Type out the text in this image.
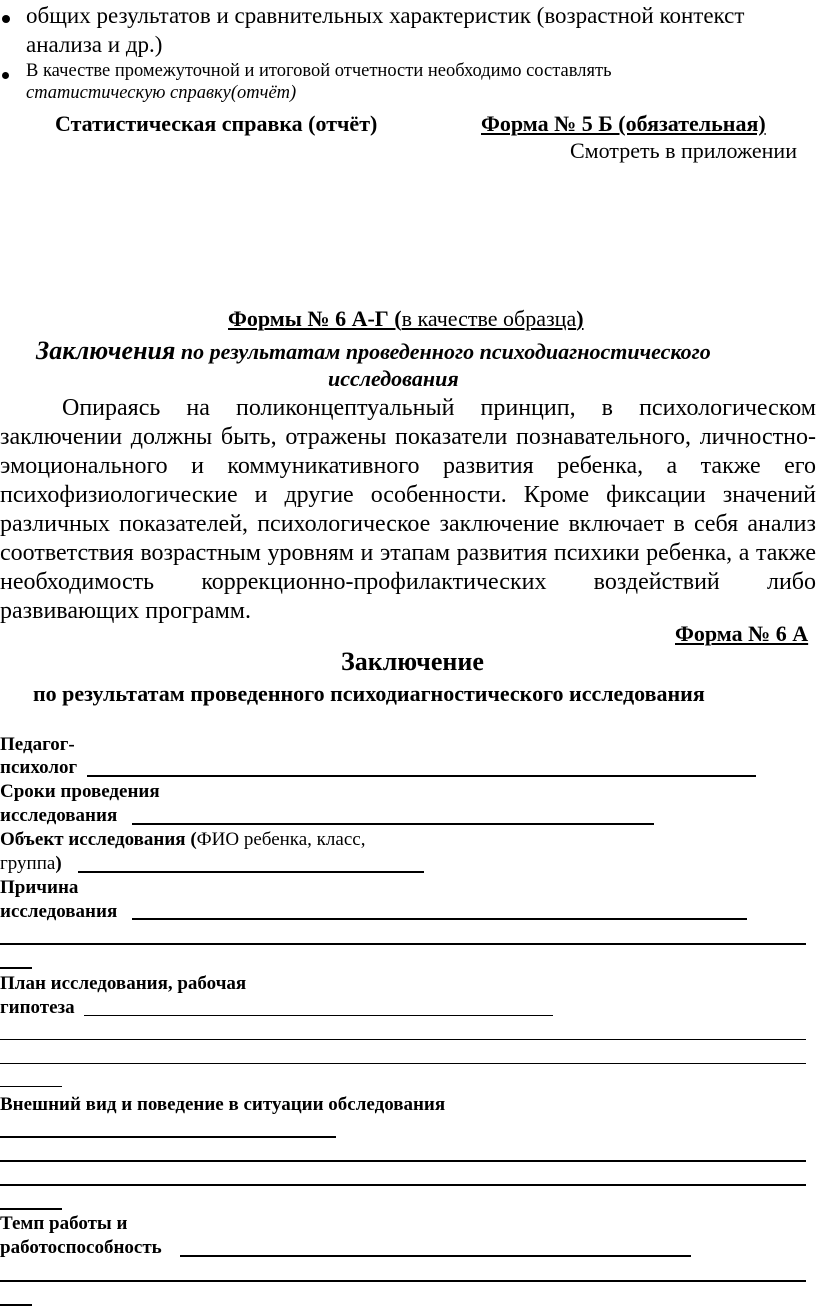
общих результатов и сравнительных характеристик (возрастной контекст
анализа и др.)
В качестве промежуточной и итоговой отчетности необходимо составлять
статистическую справку(отчёт)
Статистическая справка (отчёт)	Форма № 5 Б (обязательная)
Смотреть в приложении
Формы № 6 А-Г (в качестве образца)
Заключения по результатам проведенного психодиагностического
исследования
Опираясь на поликонцептуальный принцип, в психологическом
заключении должны быть, отражены показатели познавательного, личностно-
эмоционального и коммуникативного развития ребенка, а также его
психофизиологические и другие особенности. Кроме фиксации значений
различных показателей, психологическое заключение включает в себя анализ
соответствия возрастным уровням и этапам развития психики ребенка, а также
необходимость коррекционно-профилактических воздействий либо
развивающих программ.
Форма № 6 А
Заключение
по результатам проведенного психодиагностического исследования
Педагог-
психолог
Сроки проведения
исследования
Объект исследования (ФИО ребенка, класс,
группа)
Причина
исследования
План исследования, рабочая
гипотеза
Внешний вид и поведение в ситуации обследования
Темп работы и
работоспособность
